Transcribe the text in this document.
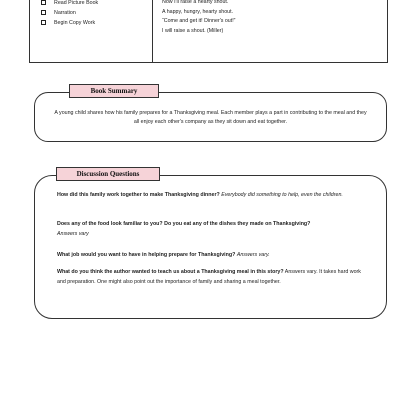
Read Picture Book
Narration
Begin Copy Work
Now I'll raise a hearty shout.
A happy, hungry, hearty shout.
“Come and get it! Dinner's out!”
I will raise a shout. (Miller)
A young child shares how his family prepares for a Thanksgiving meal. Each member plays a part in contributing to the meal and they all enjoy each other's company as they sit down and eat together.
Book Summary
How did this family work together to make Thanksgiving dinner? Everybody did something to help, even the children.
Does any of the food look familiar to you? Do you eat any of the dishes they made on Thanksgiving?
Answers vary
What job would you want to have in helping prepare for Thanksgiving? Answers vary.
What do you think the author wanted to teach us about a Thanksgiving meal in this story? Answers vary. It takes hard work and preparation. One might also point out the importance of family and sharing a meal together.
Discussion Questions
